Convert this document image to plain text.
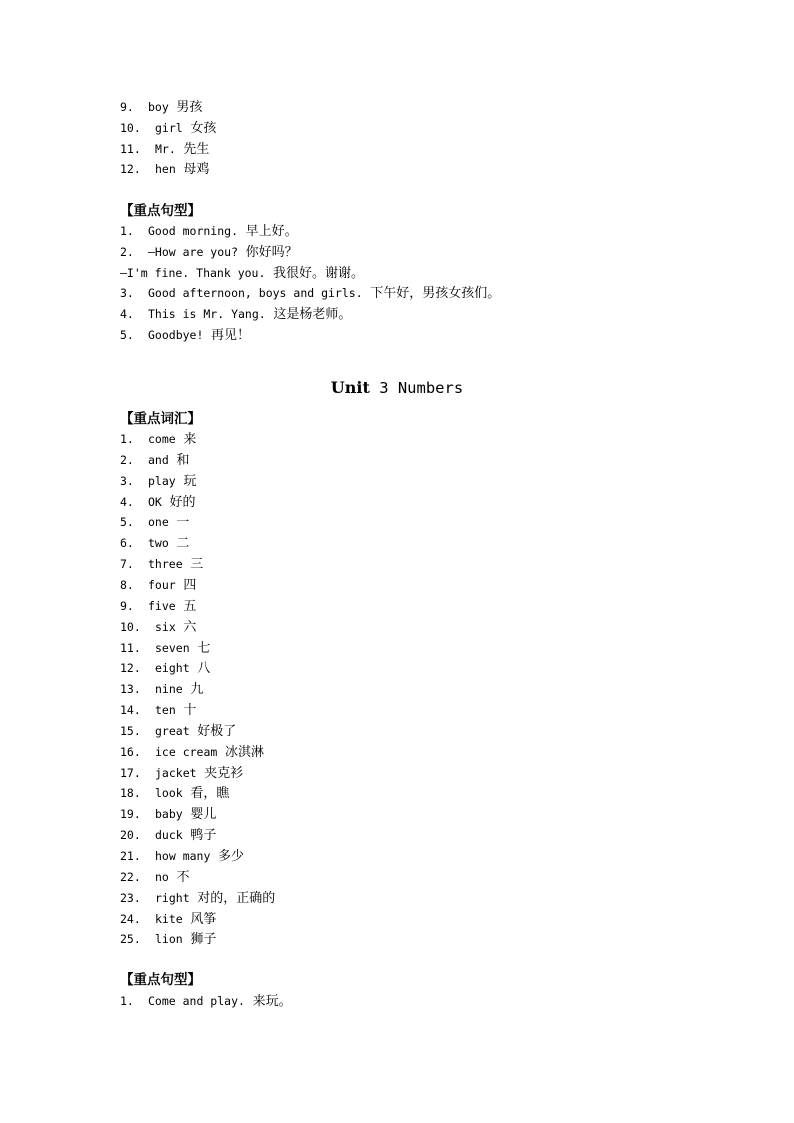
9. boy 男孩
10. girl 女孩
11. Mr. 先生
12. hen 母鸡
【重点句型】
1. Good morning. 早上好。
2. —How are you? 你好吗？
—I'm fine. Thank you. 我很好。谢谢。
3. Good afternoon, boys and girls. 下午好，男孩女孩们。
4. This is Mr. Yang. 这是杨老师。
5. Goodbye! 再见！
Unit 3 Numbers
【重点词汇】
1. come 来
2. and 和
3. play 玩
4. OK 好的
5. one 一
6. two 二
7. three 三
8. four 四
9. five 五
10. six 六
11. seven 七
12. eight 八
13. nine 九
14. ten 十
15. great 好极了
16. ice cream 冰淇淋
17. jacket 夹克衫
18. look 看，瞧
19. baby 婴儿
20. duck 鸭子
21. how many 多少
22. no 不
23. right 对的，正确的
24. kite 风筝
25. lion 狮子
【重点句型】
1. Come and play. 来玩。
